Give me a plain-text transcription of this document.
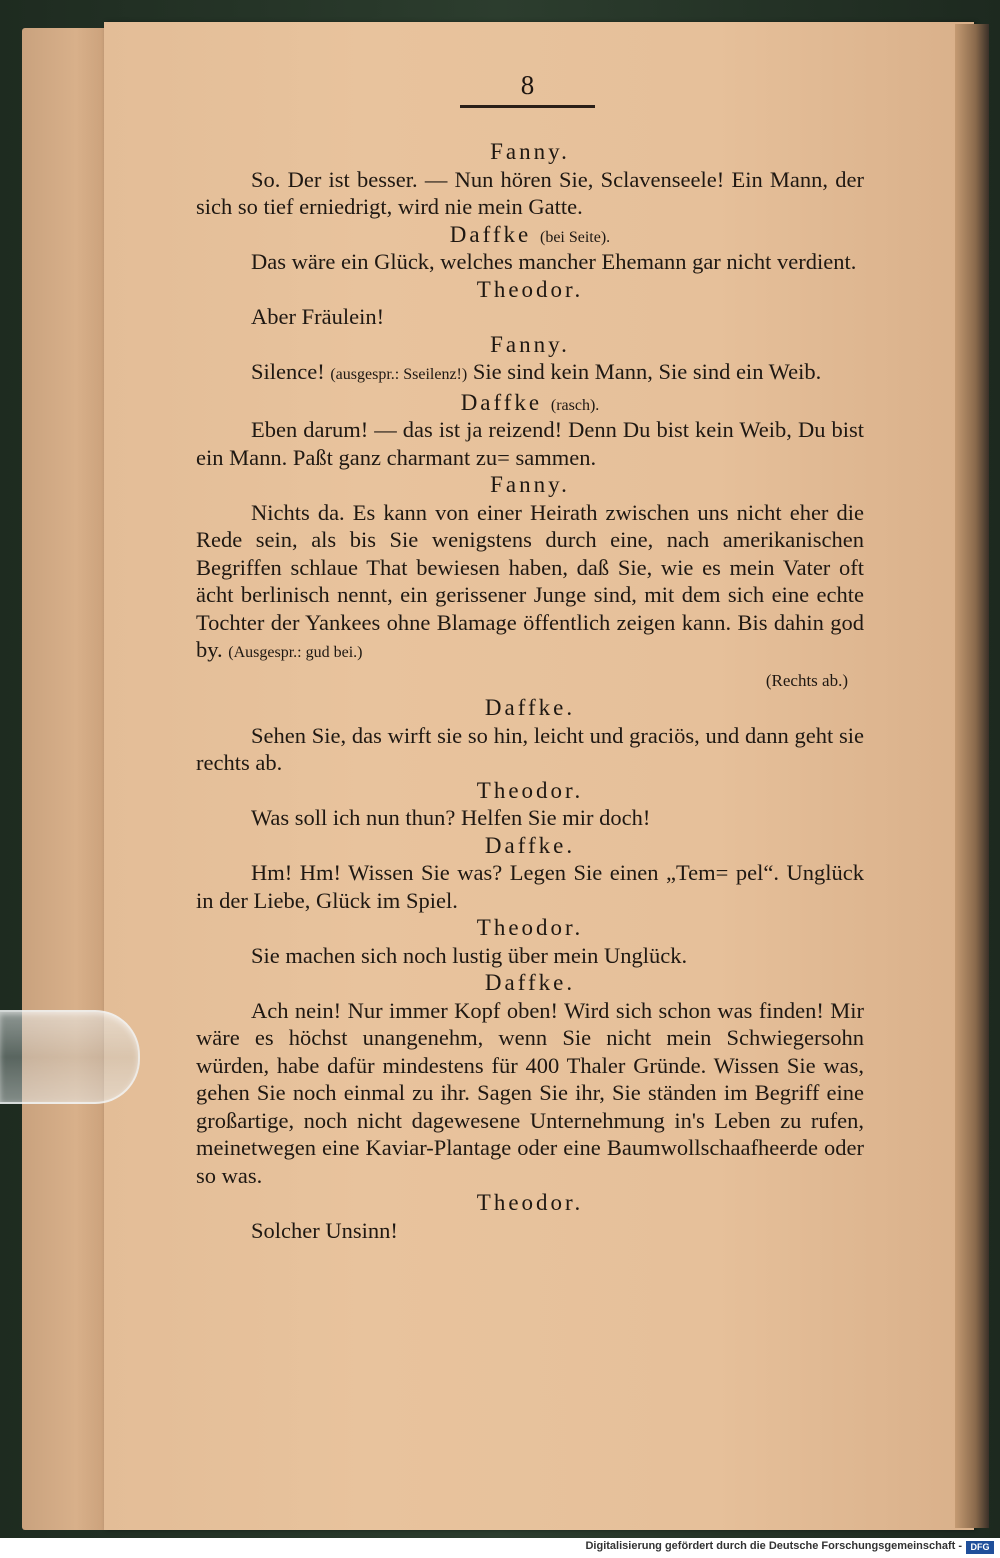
8
Fanny.
So. Der ist besser. — Nun hören Sie, Sclavenseele! Ein Mann, der sich so tief erniedrigt, wird nie mein Gatte.
Daffke (bei Seite).
Das wäre ein Glück, welches mancher Ehemann gar nicht verdient.
Theodor.
Aber Fräulein!
Fanny.
Silence! (ausgespr.: Sseilenz!) Sie sind kein Mann, Sie sind ein Weib.
Daffke (rasch).
Eben darum! — das ist ja reizend! Denn Du bist kein Weib, Du bist ein Mann. Paßt ganz charmant zu= sammen.
Fanny.
Nichts da. Es kann von einer Heirath zwischen uns nicht eher die Rede sein, als bis Sie wenigstens durch eine, nach amerikanischen Begriffen schlaue That bewiesen haben, daß Sie, wie es mein Vater oft ächt berlinisch nennt, ein gerissener Junge sind, mit dem sich eine echte Tochter der Yankees ohne Blamage öffentlich zeigen kann. Bis dahin god by. (Ausgespr.: gud bei.)
(Rechts ab.)
Daffke.
Sehen Sie, das wirft sie so hin, leicht und graciös, und dann geht sie rechts ab.
Theodor.
Was soll ich nun thun? Helfen Sie mir doch!
Daffke.
Hm! Hm! Wissen Sie was? Legen Sie einen „Tem= pel“. Unglück in der Liebe, Glück im Spiel.
Theodor.
Sie machen sich noch lustig über mein Unglück.
Daffke.
Ach nein! Nur immer Kopf oben! Wird sich schon was finden! Mir wäre es höchst unangenehm, wenn Sie nicht mein Schwiegersohn würden, habe dafür mindestens für 400 Thaler Gründe. Wissen Sie was, gehen Sie noch einmal zu ihr. Sagen Sie ihr, Sie ständen im Begriff eine großartige, noch nicht dagewesene Unternehmung in's Leben zu rufen, meinetwegen eine Kaviar-Plantage oder eine Baumwollschaafheerde oder so was.
Theodor.
Solcher Unsinn!
Digitalisierung gefördert durch die Deutsche Forschungsgemeinschaft - DFG
